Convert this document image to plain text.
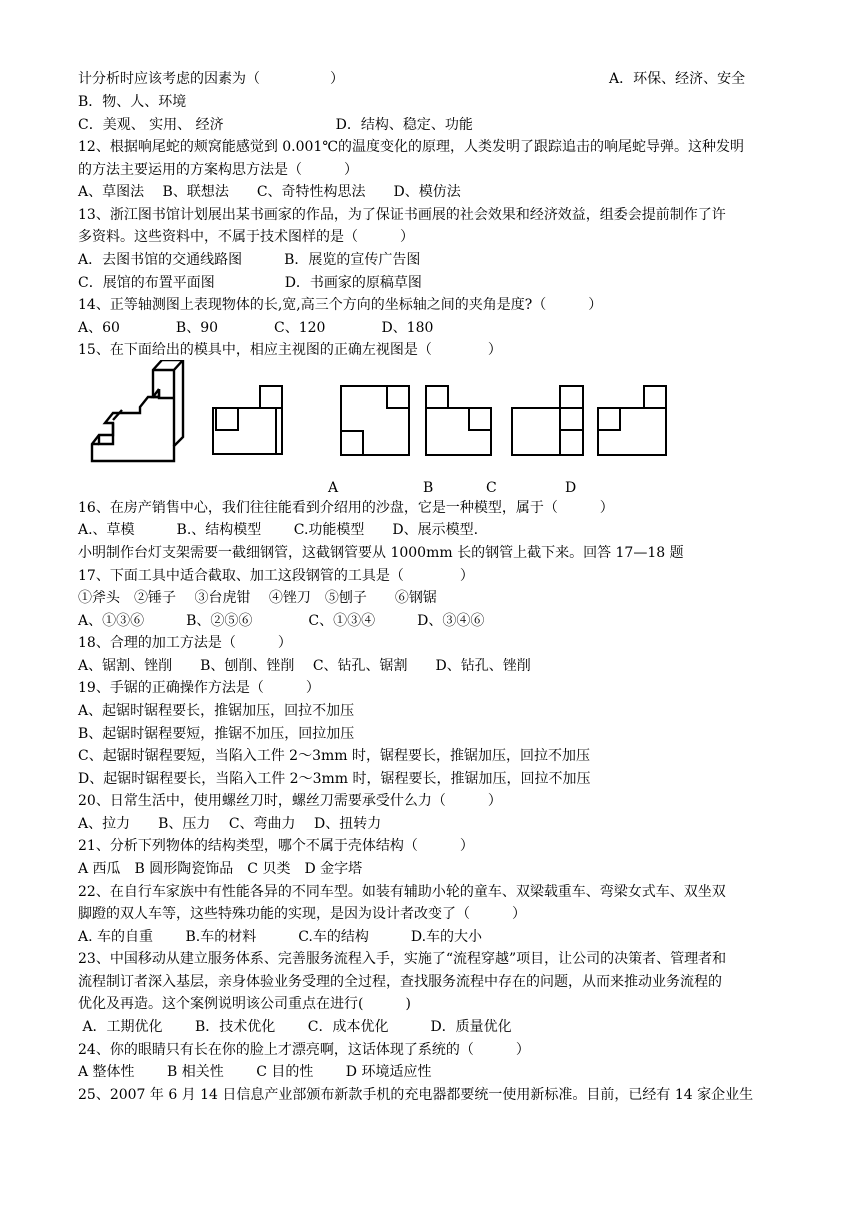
计分析时应该考虑的因素为（　　　　　）	A．环保、经济、安全
B．物、人、环境
C．美观、 实用、 经济　　　　　　　　D．结构、稳定、功能
12、根据响尾蛇的颊窝能感觉到 0.001℃的温度变化的原理，人类发明了跟踪追击的响尾蛇导弹。这种发明
的方法主要运用的方案构思方法是（　　　）
A、草图法　 B、联想法　　C、奇特性构思法　　D、模仿法
13、浙江图书馆计划展出某书画家的作品，为了保证书画展的社会效果和经济效益，组委会提前制作了许
多资料。这些资料中，不属于技术图样的是（　　　）
A．去图书馆的交通线路图　　　B．展览的宣传广告图
C．展馆的布置平面图　　　　　D．书画家的原稿草图
14、正等轴测图上表现物体的长,宽,高三个方向的坐标轴之间的夹角是度?（　　　）
A、60　　　　B、90　　　　C、120　　　　D、180
15、在下面给出的模具中，相应主视图的正确左视图是（　　　　）
A	B	C	D
16、在房产销售中心，我们往往能看到介绍用的沙盘，它是一种模型，属于（　　　）
A.、草模　　　B.、结构模型　　 C.功能模型　　D、展示模型.
小明制作台灯支架需要一截细钢管，这截钢管要从 1000mm 长的钢管上截下来。回答 17—18 题
17、下面工具中适合截取、加工这段钢管的工具是（　　　　）
①斧头　②锤子　 ③台虎钳　 ④锉刀　⑤刨子　　⑥钢锯
A、①③⑥　　　B、②⑤⑥　　　　C、①③④　　　D、③④⑥
18、合理的加工方法是（　　　）
A、锯割、锉削　　B、刨削、锉削　 C、钻孔、锯割　　D、钻孔、锉削
19、手锯的正确操作方法是（　　　）
A、起锯时锯程要长，推锯加压，回拉不加压
B、起锯时锯程要短，推锯不加压，回拉加压
C、起锯时锯程要短，当陷入工件 2～3mm 时，锯程要长，推锯加压，回拉不加压
D、起锯时锯程要长，当陷入工件 2～3mm 时，锯程要长，推锯加压，回拉不加压
20、日常生活中，使用螺丝刀时，螺丝刀需要承受什么力（　　　）
A、拉力　　B、压力　 C、弯曲力　 D、扭转力
21、分析下列物体的结构类型，哪个不属于壳体结构（　　　）
A 西瓜　B 圆形陶瓷饰品　C 贝类　D 金字塔
22、在自行车家族中有性能各异的不同车型。如装有辅助小轮的童车、双梁载重车、弯梁女式车、双坐双
脚蹬的双人车等，这些特殊功能的实现，是因为设计者改变了（　　　）
A. 车的自重　　 B.车的材料　　　C.车的结构　　　D.车的大小
23、中国移动从建立服务体系、完善服务流程入手，实施了“流程穿越”项目，让公司的决策者、管理者和
流程制订者深入基层，亲身体验业务受理的全过程，查找服务流程中存在的问题，从而来推动业务流程的
优化及再造。这个案例说明该公司重点在进行(　　　)
A．工期优化　　 B．技术优化　　 C．成本优化　　　D．质量优化
24、你的眼睛只有长在你的脸上才漂亮啊，这话体现了系统的（　　　）
A 整体性　　 B 相关性　　 C 目的性　　 D 环境适应性
25、2007 年 6 月 14 日信息产业部颁布新款手机的充电器都要统一使用新标准。目前，已经有 14 家企业生
